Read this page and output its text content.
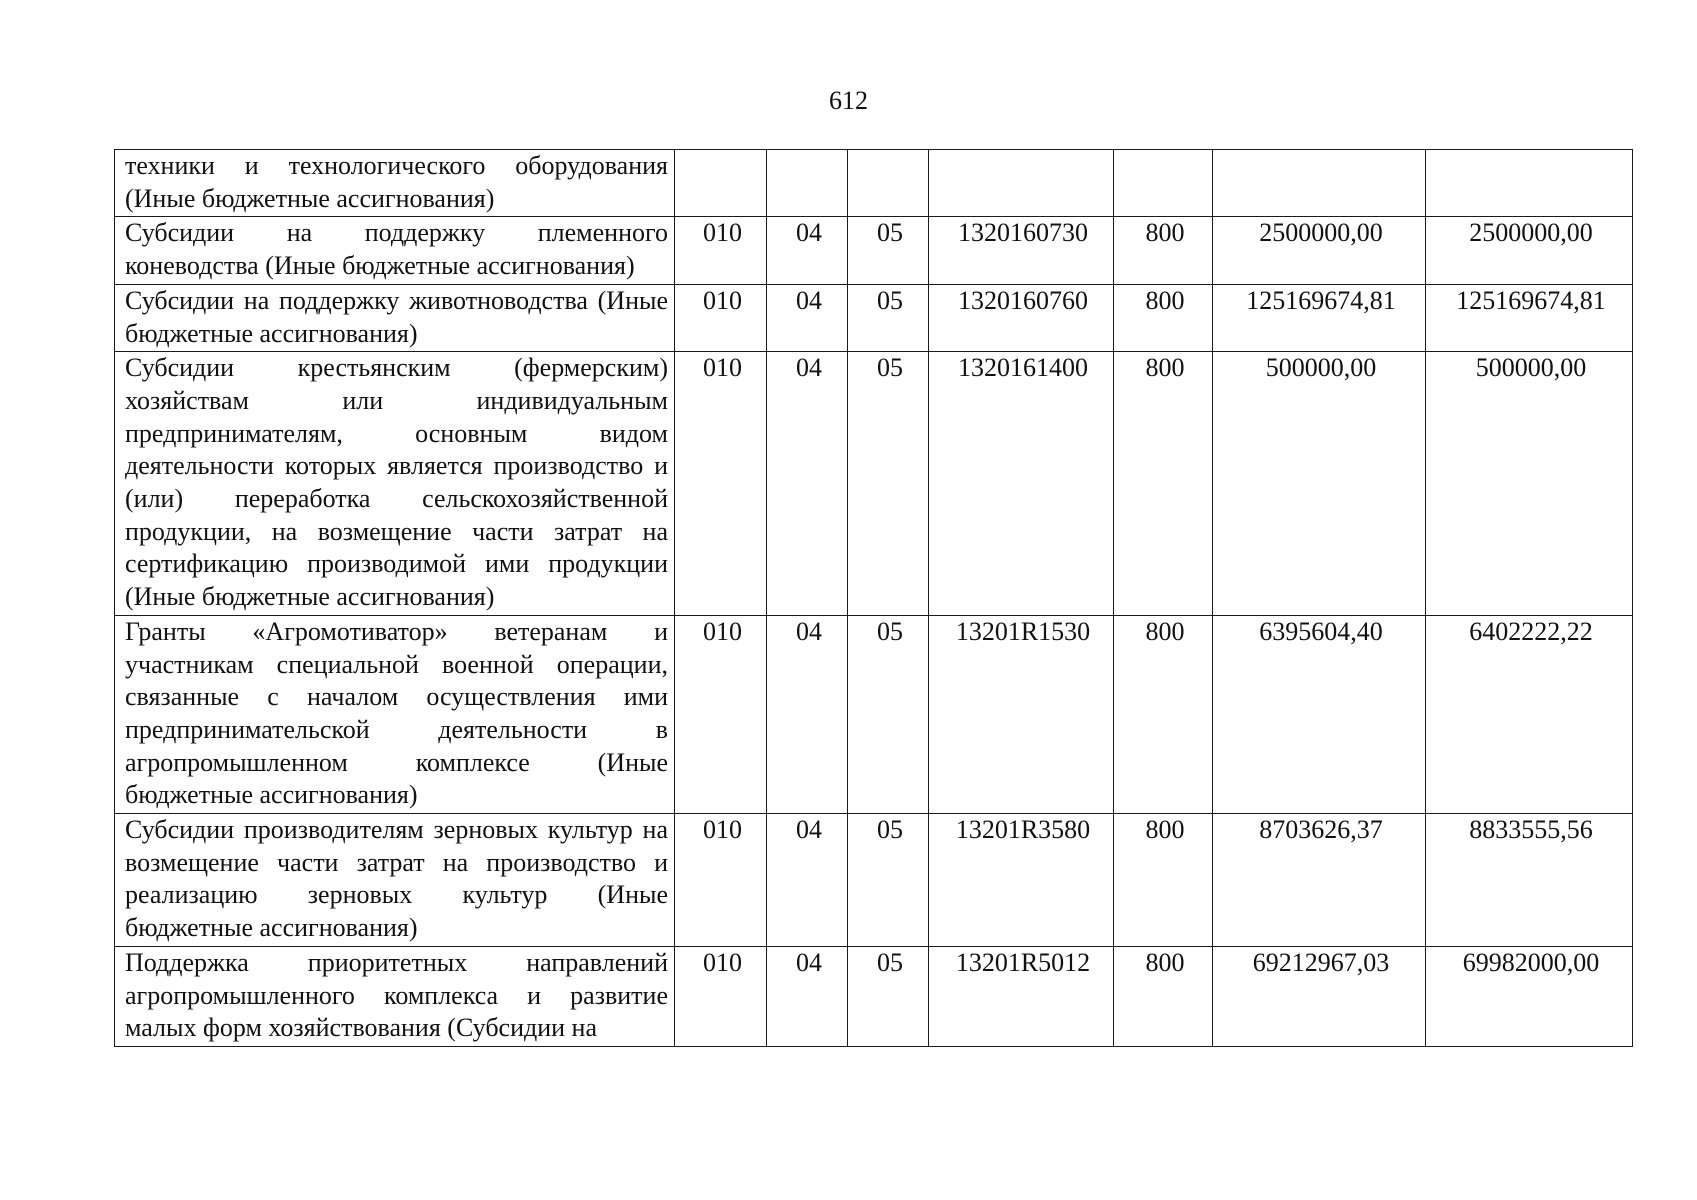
612
техники и технологического оборудования (Иные бюджетные ассигнования)							
Субсидии на поддержку племенного коневодства (Иные бюджетные ассигнования)	010	04	05	1320160730	800	2500000,00	2500000,00
Субсидии на поддержку животноводства (Иные бюджетные ассигнования)	010	04	05	1320160760	800	125169674,81	125169674,81
Субсидии крестьянским (фермерским) хозяйствам или индивидуальным предпринимателям, основным видом деятельности которых является производство и (или) переработка сельскохозяйственной продукции, на возмещение части затрат на сертификацию производимой ими продукции (Иные бюджетные ассигнования)	010	04	05	1320161400	800	500000,00	500000,00
Гранты «Агромотиватор» ветеранам и участникам специальной военной операции, связанные с началом осуществления ими предпринимательской деятельности в агропромышленном комплексе (Иные бюджетные ассигнования)	010	04	05	13201R1530	800	6395604,40	6402222,22
Субсидии производителям зерновых культур на возмещение части затрат на производство и реализацию зерновых культур (Иные бюджетные ассигнования)	010	04	05	13201R3580	800	8703626,37	8833555,56
Поддержка приоритетных направлений агропромышленного комплекса и развитие малых форм хозяйствования (Субсидии на	010	04	05	13201R5012	800	69212967,03	69982000,00
